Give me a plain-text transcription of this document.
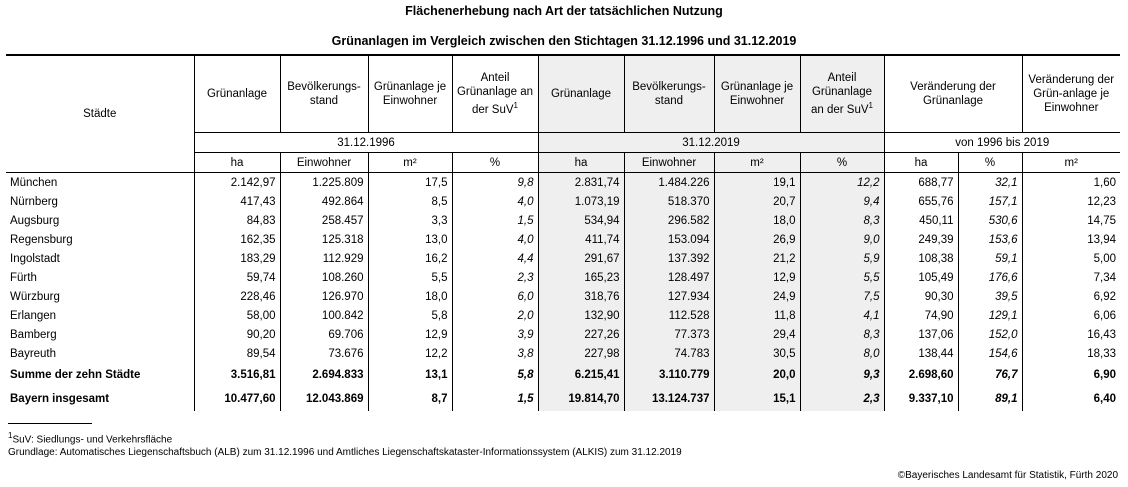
Flächenerhebung nach Art der tatsächlichen Nutzung
Grünanlagen im Vergleich zwischen den Stichtagen 31.12.1996 und 31.12.2019
Städte	Grünanlage	Bevölkerungs-stand	Grünanlage je Einwohner	Anteil Grünanlage an der SuV$^1$	Grünanlage	Bevölkerungs-stand	Grünanlage je Einwohner	Anteil Grünanlage an der SuV$^1$	Veränderung der Grünanlage		Veränderung der Grün-anlage je Einwohner
	31.12.1996				31.12.2019				von 1996 bis 2019		
	ha	Einwohner	m²	%	ha	Einwohner	m²	%	ha	%	m²
München	2.142,97	1.225.809	17,5	9,8	2.831,74	1.484.226	19,1	12,2	688,77	32,1	1,60
Nürnberg	417,43	492.864	8,5	4,0	1.073,19	518.370	20,7	9,4	655,76	157,1	12,23
Augsburg	84,83	258.457	3,3	1,5	534,94	296.582	18,0	8,3	450,11	530,6	14,75
Regensburg	162,35	125.318	13,0	4,0	411,74	153.094	26,9	9,0	249,39	153,6	13,94
Ingolstadt	183,29	112.929	16,2	4,4	291,67	137.392	21,2	5,9	108,38	59,1	5,00
Fürth	59,74	108.260	5,5	2,3	165,23	128.497	12,9	5,5	105,49	176,6	7,34
Würzburg	228,46	126.970	18,0	6,0	318,76	127.934	24,9	7,5	90,30	39,5	6,92
Erlangen	58,00	100.842	5,8	2,0	132,90	112.528	11,8	4,1	74,90	129,1	6,06
Bamberg	90,20	69.706	12,9	3,9	227,26	77.373	29,4	8,3	137,06	152,0	16,43
Bayreuth	89,54	73.676	12,2	3,8	227,98	74.783	30,5	8,0	138,44	154,6	18,33
Summe der zehn Städte	3.516,81	2.694.833	13,1	5,8	6.215,41	3.110.779	20,0	9,3	2.698,60	76,7	6,90
Bayern insgesamt	10.477,60	12.043.869	8,7	1,5	19.814,70	13.124.737	15,1	2,3	9.337,10	89,1	6,40
$^1$SuV: Siedlungs- und Verkehrsfläche
Grundlage: Automatisches Liegenschaftsbuch (ALB) zum 31.12.1996 und Amtliches Liegenschaftskataster-Informationssystem (ALKIS) zum 31.12.2019
©Bayerisches Landesamt für Statistik, Fürth 2020
